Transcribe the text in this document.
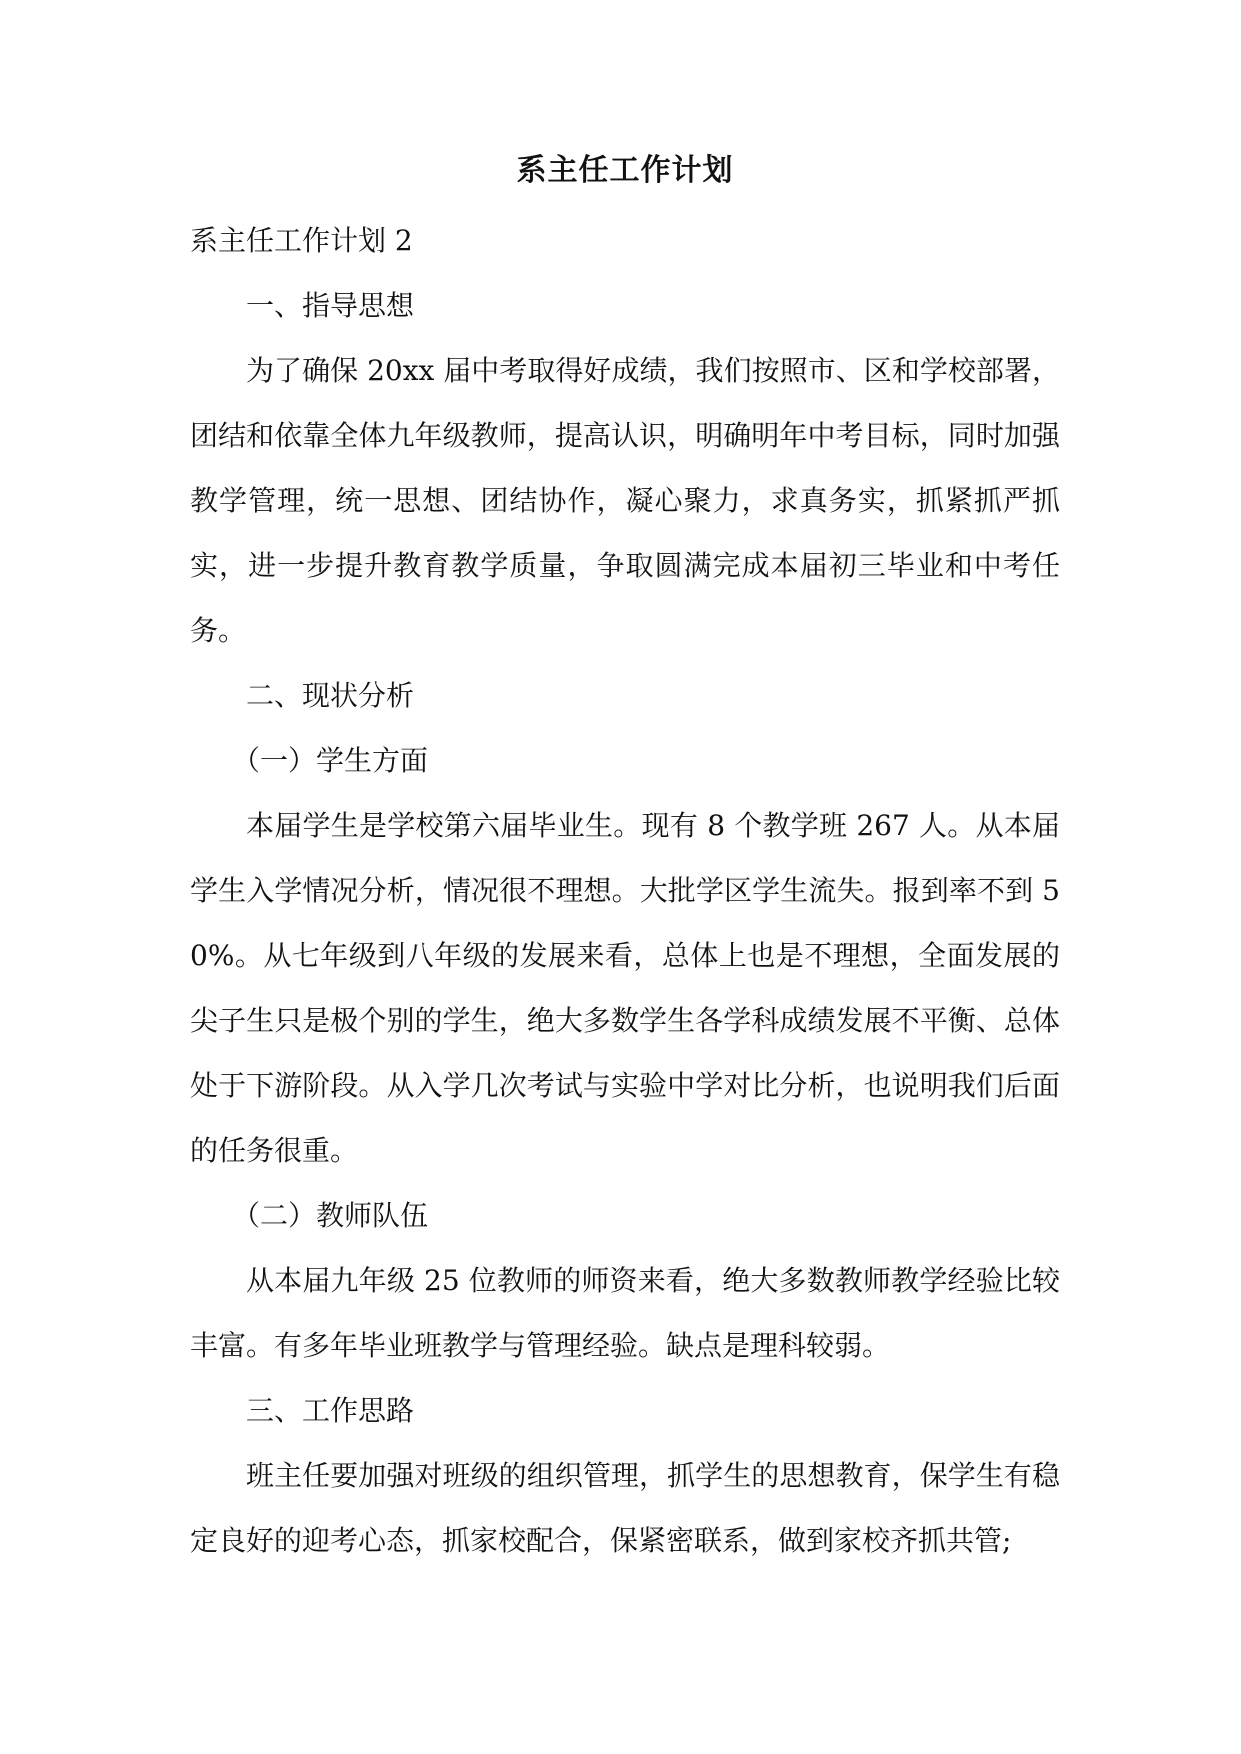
系主任工作计划

系主任工作计划 2

一、指导思想

为了确保 20xx 届中考取得好成绩，我们按照市、区和学校部署，团结和依靠全体九年级教师，提高认识，明确明年中考目标，同时加强教学管理，统一思想、团结协作，凝心聚力，求真务实，抓紧抓严抓实，进一步提升教育教学质量，争取圆满完成本届初三毕业和中考任务。

二、现状分析

（一）学生方面

本届学生是学校第六届毕业生。现有 8 个教学班 267 人。从本届学生入学情况分析，情况很不理想。大批学区学生流失。报到率不到 50%。从七年级到八年级的发展来看，总体上也是不理想，全面发展的尖子生只是极个别的学生，绝大多数学生各学科成绩发展不平衡、总体处于下游阶段。从入学几次考试与实验中学对比分析，也说明我们后面的任务很重。

（二）教师队伍

从本届九年级 25 位教师的师资来看，绝大多数教师教学经验比较丰富。有多年毕业班教学与管理经验。缺点是理科较弱。

三、工作思路

班主任要加强对班级的组织管理，抓学生的思想教育，保学生有稳定良好的迎考心态，抓家校配合，保紧密联系，做到家校齐抓共管;
